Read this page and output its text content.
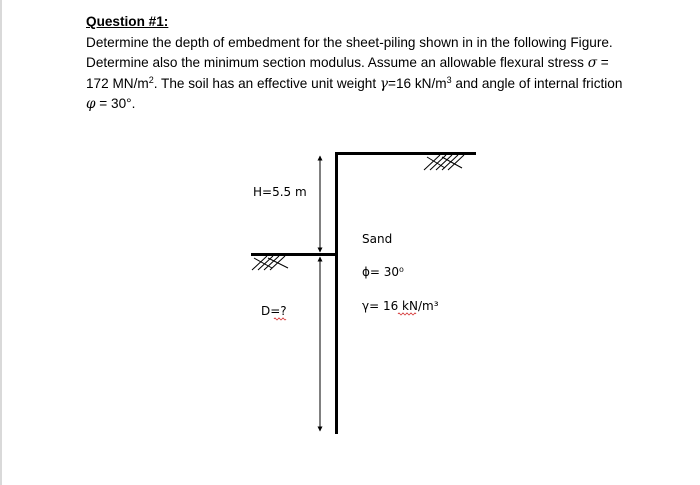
Question #1:
Determine the depth of embedment for the sheet-piling shown in in the following Figure.
Determine also the minimum section modulus. Assume an allowable flexural stress σ =
172 $MN/m^2$. The soil has an effective unit weight γ=16 $kN/m^3$ and angle of internal friction
φ = 30°.
H=5.5 m
D=?
Sand
ϕ= 30⁰
γ= 16 kN/m³
